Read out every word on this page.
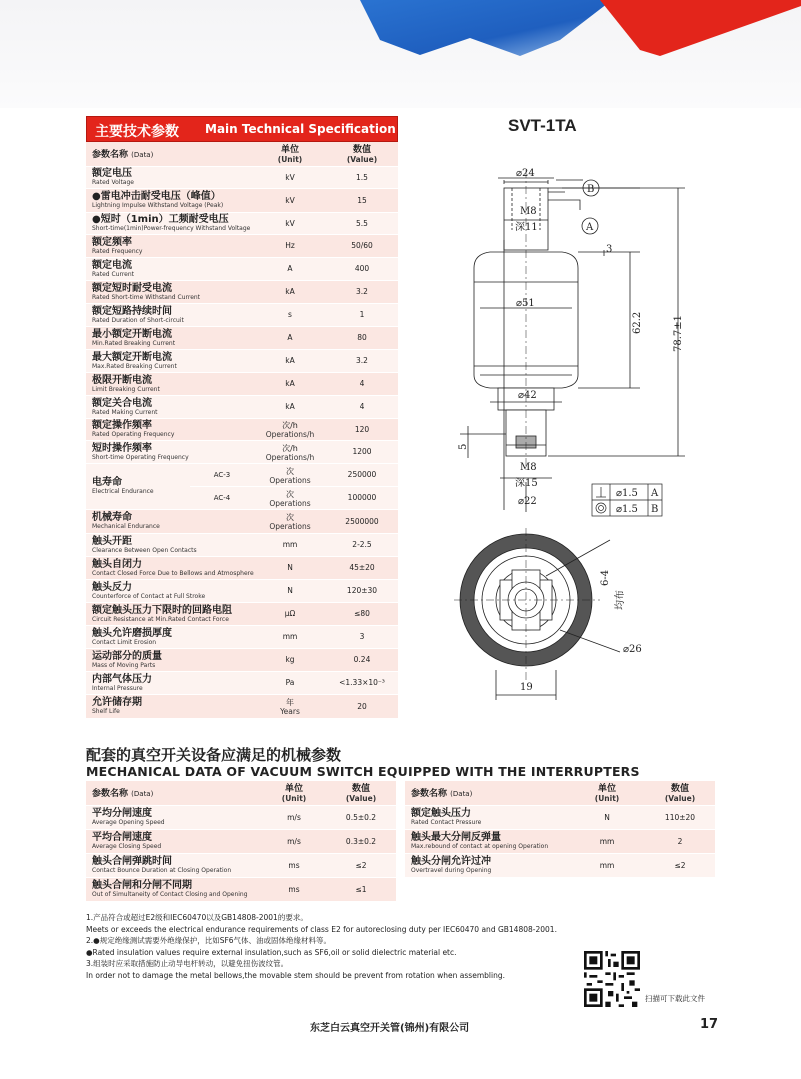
主要技术参数 Main Technical Specification	SVT-1TA
参数名称 (Data)		单位
(Unit)	数值
(Value)

额定电压
Rated Voltage		kV	1.5

●雷电冲击耐受电压（峰值）
Lightning Impulse Withstand Voltage (Peak)		kV	15

●短时（1min）工频耐受电压
Short-time(1min)Power-frequency Withstand Voltage		kV	5.5

额定频率
Rated Frequency		Hz	50/60

额定电流
Rated Current		A	400

额定短时耐受电流
Rated Short-time Withstand Current		kA	3.2

额定短路持续时间
Rated Duration of Short-circuit		s	1

最小额定开断电流
Min.Rated Breaking Current		A	80

最大额定开断电流
Max.Rated Breaking Current		kA	3.2

极限开断电流
Limit Breaking Current		kA	4

额定关合电流
Rated Making Current		kA	4

额定操作频率
Rated Operating Frequency		次/h
Operations/h	120

短时操作频率
Short-time Operating Frequency		次/h
Operations/h	1200

电寿命
Electrical Endurance	AC-3	次
Operations	250000
	AC-4	次
Operations	100000

机械寿命
Mechanical Endurance		次
Operations	2500000

触头开距
Clearance Between Open Contacts		mm	2-2.5

触头自闭力
Contact Closed Force Due to Bellows and Atmosphere		N	45±20

触头反力
Counterforce of Contact at Full Stroke		N	120±30

额定触头压力下限时的回路电阻
Circuit Resistance at Min.Rated Contact Force		μΩ	≤80

触头允许磨损厚度
Contact Limit Erosion		mm	3

运动部分的质量
Mass of Moving Parts		kg	0.24

内部气体压力
Internal Pressure		Pa	<1.33×10⁻³

允许储存期
Shelf Life		年
Years	20
⌀24
M8
深11
B
A
3
⌀51
62.2	78.7±1
⌀42
5
M8
深15
⌀22
⌀1.5 A
⌀1.5 B
6-4
均布
⌀26
19
配套的真空开关设备应满足的机械参数
MECHANICAL DATA OF VACUUM SWITCH EQUIPPED WITH THE INTERRUPTERS
参数名称 (Data)	单位
(Unit)	数值
(Value)

平均分闸速度
Average Opening Speed	m/s	0.5±0.2

平均合闸速度
Average Closing Speed	m/s	0.3±0.2

触头合闸弹跳时间
Contact Bounce Duration at Closing Operation	ms	≤2

触头合闸和分闸不同期
Out of Simultaneity of Contact Closing and Opening	ms	≤1
参数名称 (Data)	单位
(Unit)	数值
(Value)

额定触头压力
Rated Contact Pressure	N	110±20

触头最大分闸反弹量
Max.rebound of contact at opening Operation	mm	2

触头分闸允许过冲
Overtravel during Opening	mm	≤2
1.产品符合或超过E2级和IEC60470以及GB14808-2001的要求。
Meets or exceeds the electrical endurance requirements of class E2 for autoreclosing duty per IEC60470 and GB14808-2001.
2.●规定绝缘测试需要外绝缘保护，比如SF6气体、油或固体绝缘材料等。
●Rated insulation values require external insulation,such as SF6,oil or solid dielectric material etc.
3.组装时应采取措施防止动导电杆转动，以避免扭伤波纹管。
In order not to damage the metal bellows,the movable stem should be prevent from rotation when assembling.
扫描可下载此文件
东芝白云真空开关管(锦州)有限公司	17
